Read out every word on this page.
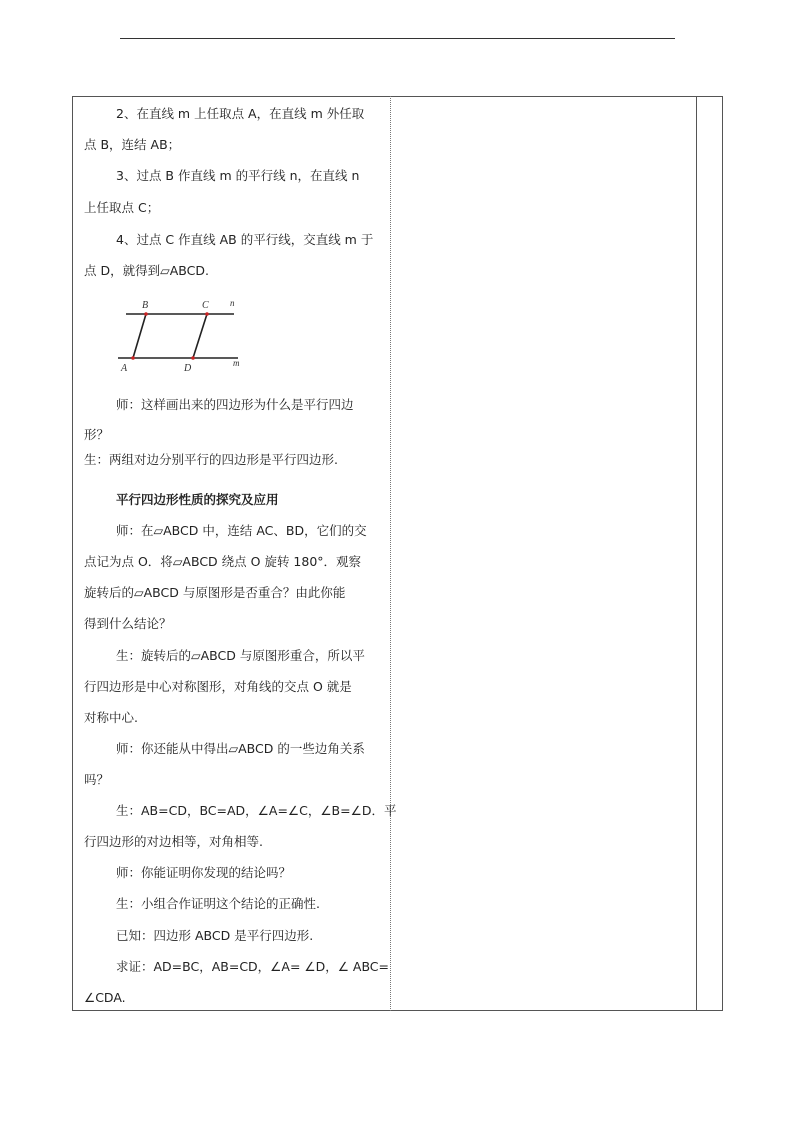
2、在直线 m 上任取点 A，在直线 m 外任取
点 B，连结 AB；
3、过点 B 作直线 m 的平行线 n，在直线 n
上任取点 C；
4、过点 C 作直线 AB 的平行线，交直线 m 于
点 D，就得到▱ABCD.
B	C n
A	D	m
师：这样画出来的四边形为什么是平行四边
形？
生：两组对边分别平行的四边形是平行四边形.
平行四边形性质的探究及应用
师：在▱ABCD 中，连结 AC、BD，它们的交
点记为点 O．将▱ABCD 绕点 O 旋转 180°．观察
旋转后的▱ABCD 与原图形是否重合？由此你能
得到什么结论？
生：旋转后的▱ABCD 与原图形重合，所以平
行四边形是中心对称图形，对角线的交点 O 就是
对称中心.
师：你还能从中得出▱ABCD 的一些边角关系
吗？
生：AB=CD，BC=AD，∠A=∠C，∠B=∠D．平
行四边形的对边相等，对角相等.
师：你能证明你发现的结论吗？
生：小组合作证明这个结论的正确性.
已知：四边形 ABCD 是平行四边形.
求证：AD=BC，AB=CD，∠A= ∠D，∠ ABC=
∠CDA.
